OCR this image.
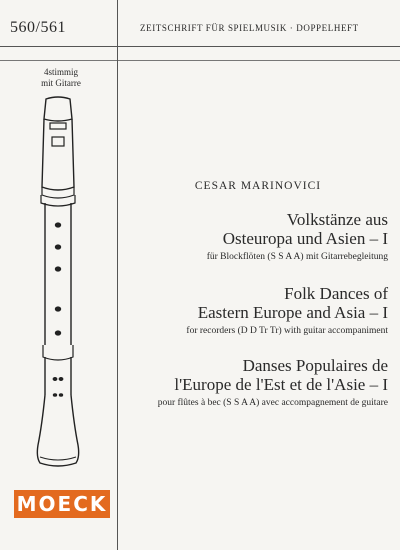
560/561	ZEITSCHRIFT FÜR SPIELMUSIK · DOPPELHEFT
4stimmig
mit Gitarre
MOECK
CESAR MARINOVICI
Volkstänze aus
Osteuropa und Asien – I
für Blockflöten (S S A A) mit Gitarrebegleitung
Folk Dances of
Eastern Europe and Asia – I
for recorders (D D Tr Tr) with guitar accompaniment
Danses Populaires de
l'Europe de l'Est et de l'Asie – I
pour flûtes à bec (S S A A) avec accompagnement de guitare
